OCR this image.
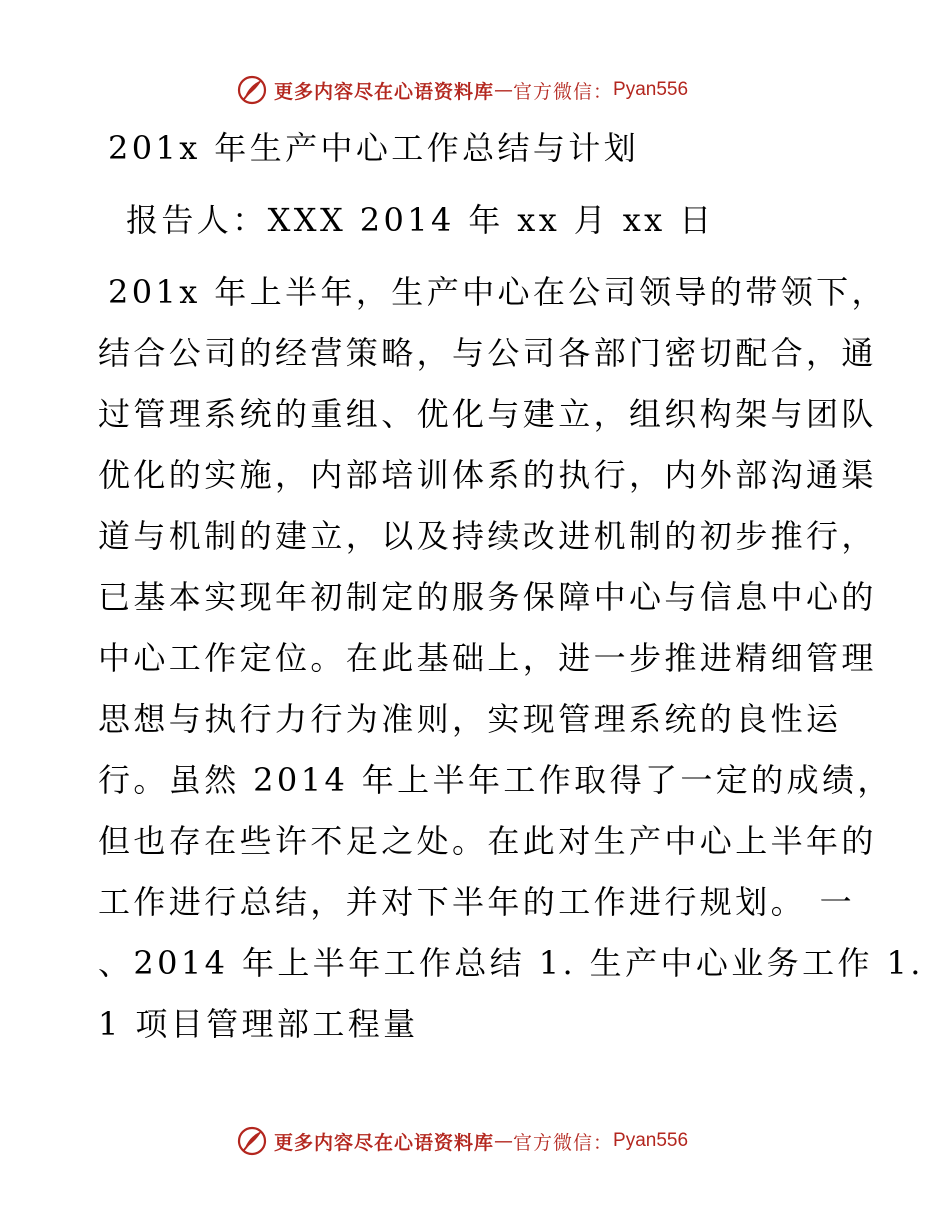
更多内容尽在心语资料库 — 官方微信： Pyan556
201x 年生产中心工作总结与计划
报告人：XXX 2014 年 xx 月 xx 日
201x 年上半年，生产中心在公司领导的带领下，
结合公司的经营策略，与公司各部门密切配合，通
过管理系统的重组、优化与建立，组织构架与团队
优化的实施，内部培训体系的执行，内外部沟通渠
道与机制的建立，以及持续改进机制的初步推行，
已基本实现年初制定的服务保障中心与信息中心的
中心工作定位。在此基础上，进一步推进精细管理
思想与执行力行为准则，实现管理系统的良性运
行。虽然 2014 年上半年工作取得了一定的成绩，
但也存在些许不足之处。在此对生产中心上半年的
工作进行总结，并对下半年的工作进行规划。 一
、2014 年上半年工作总结 1. 生产中心业务工作 1.
1 项目管理部工程量
更多内容尽在心语资料库 — 官方微信： Pyan556
